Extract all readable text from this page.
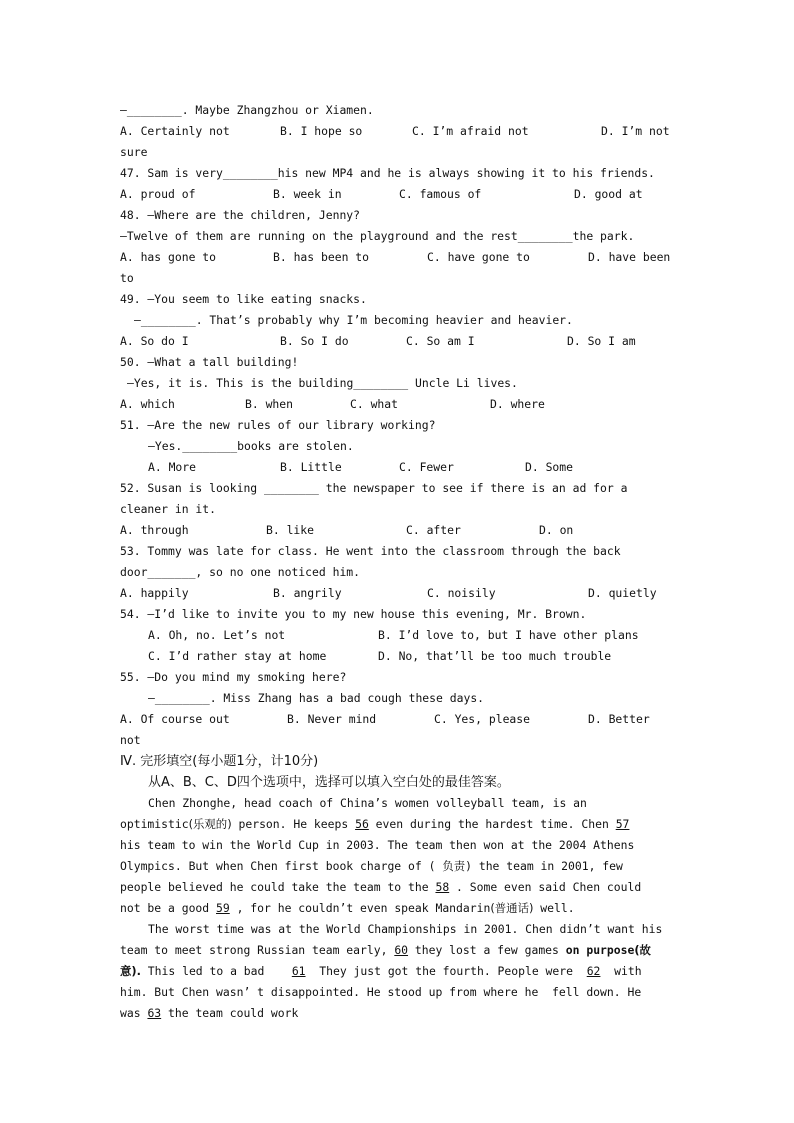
—________. Maybe Zhangzhou or Xiamen.

A. Certainly not

	B. I hope so

	C. I’m afraid not

	D. I’m not

sure
47. Sam is very________his new MP4 and he is always showing it to his friends.

A. proud of

	B. week in

	C. famous of

	D. good at

48. —Where are the children, Jenny?
—Twelve of them are running on the playground and the rest________the park.

A. has gone to

	B. has been to

	C. have gone to

	D. have been

to
49. —You seem to like eating snacks.
—________. That’s probably why I’m becoming heavier and heavier.

A. So do I

	B. So I do

	C. So am I

	D. So I am

50. —What a tall building!
—Yes, it is. This is the building________ Uncle Li lives.

A. which

	B. when

	C. what

	D. where

51. —Are the new rules of our library working?
—Yes.________books are stolen.

A. More

	B. Little

	C. Fewer

	D. Some

52. Susan is looking ________ the newspaper to see if there is an ad for a
cleaner in it.

A. through

	B. like

	C. after

	D. on

53. Tommy was late for class. He went into the classroom through the back
door_______, so no one noticed him.

A. happily

	B. angrily

	C. noisily

	D. quietly

54. —I’d like to invite you to my new house this evening, Mr. Brown.

A. Oh, no. Let’s not

	B. I’d love to, but I have other plans

C. I’d rather stay at home

	D. No, that’ll be too much trouble

55. —Do you mind my smoking here?
—________. Miss Zhang has a bad cough these days.

A. Of course out

	B. Never mind

	C. Yes, please

	D. Better

not
Ⅳ. 完形填空(每小题1分，计10分)
从A、B、C、D四个选项中，选择可以填入空白处的最佳答案。
Chen Zhonghe, head coach of China’s women volleyball team, is an
optimistic(乐观的) person. He keeps 56 even during the hardest time. Chen 57
his team to win the World Cup in 2003. The team then won at the 2004 Athens
Olympics. But when Chen first book charge of ( 负责) the team in 2001, few
people believed he could take the team to the 58 . Some even said Chen could
not be a good 59 , for he couldn’t even speak Mandarin(普通话) well.
The worst time was at the World Championships in 2001. Chen didn’t want his
team to meet strong Russian team early, 60 they lost a few games on purpose(故
意). This led to a bad    61  They just got the fourth. People were  62  with
him. But Chen wasn’ t disappointed. He stood up from where he  fell down. He
was 63 the team could work
